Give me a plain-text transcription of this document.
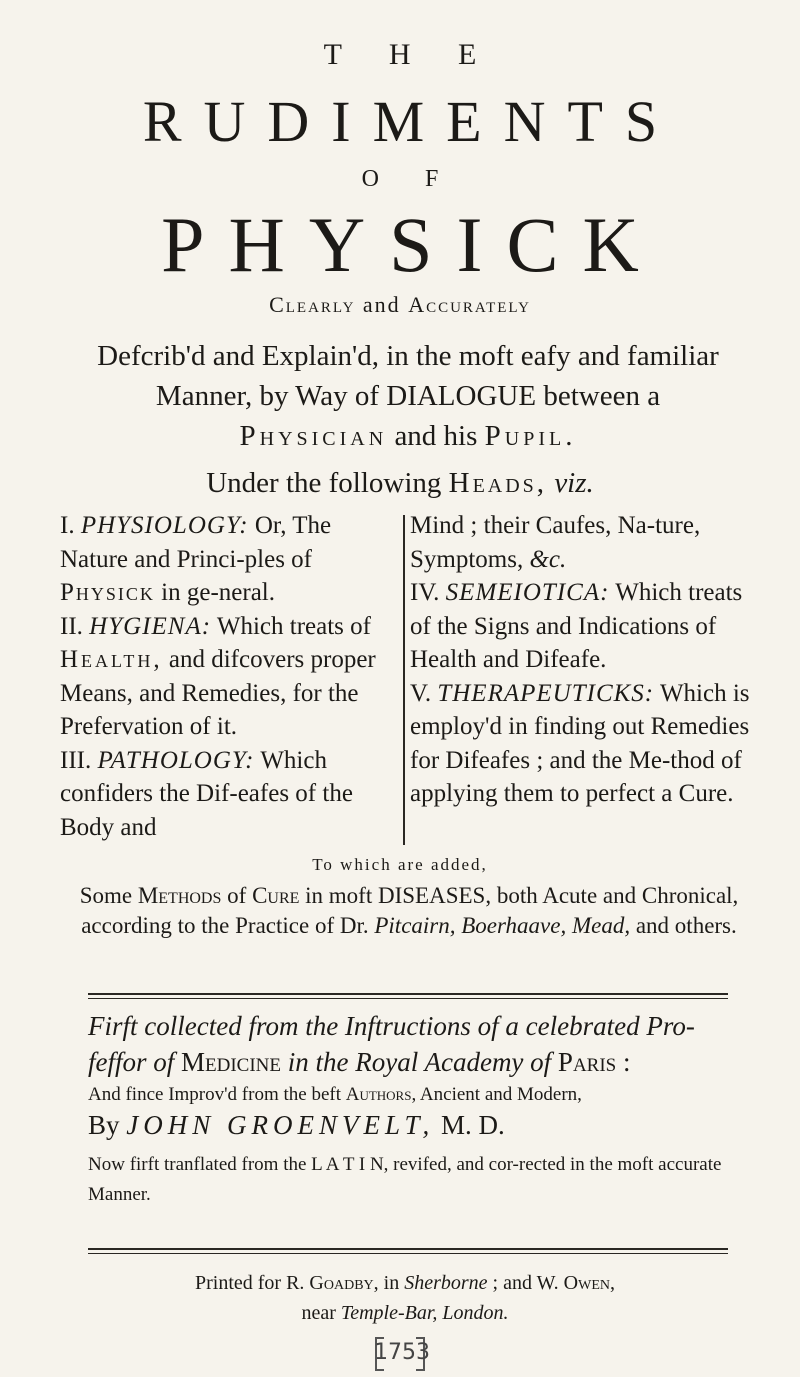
T H E
RUDIMENTS
O F
PHYSICK
Clearly and Accurately
Defcrib'd and Explain'd, in the moft eafy and familiar Manner, by Way of DIALOGUE between a Physician and his Pupil.
Under the following Heads, viz.
I. PHYSIOLOGY: Or, The Nature and Princi-ples of Physick in ge-neral.
II. HYGIENA: Which treats of Health, and difcovers proper Means, and Remedies, for the Prefervation of it.
III. PATHOLOGY: Which confiders the Dif-eafes of the Body and
Mind ; their Caufes, Na-ture, Symptoms, &c.
IV. SEMEIOTICA: Which treats of the Signs and Indications of Health and Difeafe.
V. THERAPEUTICKS: Which is employ'd in finding out Remedies for Difeafes ; and the Me-thod of applying them to perfect a Cure.
To which are added,
Some Methods of Cure in moft DISEASES, both Acute and Chronical, according to the Practice of Dr. Pitcairn, Boerhaave, Mead, and others.
Firft collected from the Inftructions of a celebrated Pro-feffor of Medicine in the Royal Academy of Paris :
And fince Improv'd from the beft Authors, Ancient and Modern,
By JOHN GROENVELT, M. D.
Now firft tranflated from the L A T I N, revifed, and cor-rected in the moft accurate Manner.
Printed for R. Goadby, in Sherborne ; and W. Owen,
near Temple-Bar, London.
1753
